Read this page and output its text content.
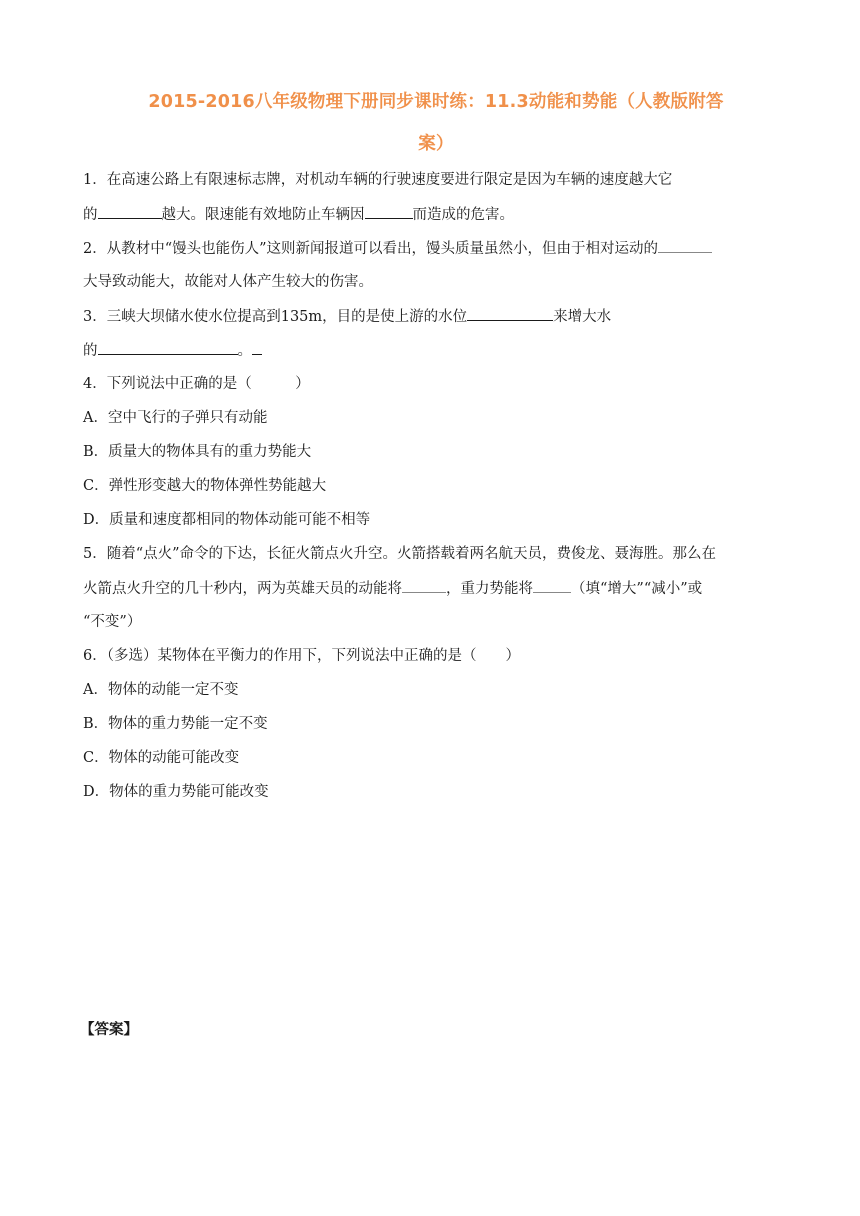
2015-2016八年级物理下册同步课时练：11.3动能和势能（人教版附答

案）

1．在高速公路上有限速标志牌，对机动车辆的行驶速度要进行限定是因为车辆的速度越大它

的	越大。限速能有效地防止车辆因	而造成的危害。

2．从教材中“馒头也能伤人”这则新闻报道可以看出，馒头质量虽然小，但由于相对运动的

大导致动能大，故能对人体产生较大的伤害。

3．三峡大坝储水使水位提高到135m，目的是使上游的水位	来增大水

的	。

4．下列说法中正确的是（　　　）

A．空中飞行的子弹只有动能

B．质量大的物体具有的重力势能大

C．弹性形变越大的物体弹性势能越大

D．质量和速度都相同的物体动能可能不相等

5．随着“点火”命令的下达，长征火箭点火升空。火箭搭载着两名航天员，费俊龙、聂海胜。那么在

火箭点火升空的几十秒内，两为英雄天员的动能将	，重力势能将	（填“增大”“减小”或

“不变”）

6．（多选）某物体在平衡力的作用下，下列说法中正确的是（　　）

A．物体的动能一定不变

B．物体的重力势能一定不变

C．物体的动能可能改变

D．物体的重力势能可能改变

【答案】
